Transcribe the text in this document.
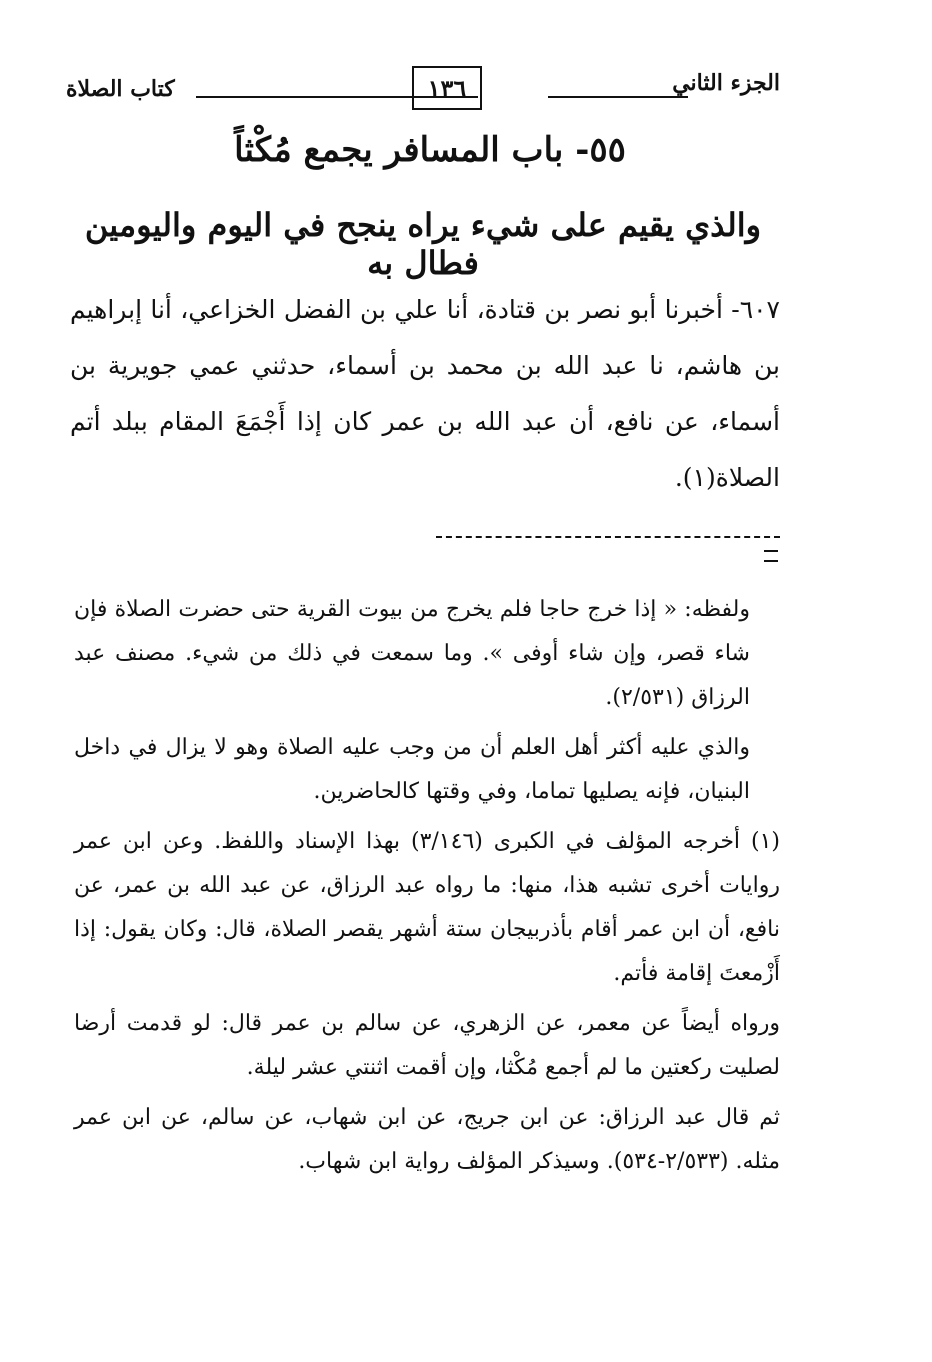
كتاب الصلاة	١٣٦	الجزء الثاني
٥٥- باب المسافر يجمع مُكْثاً
والذي يقيم على شيء يراه ينجح في اليوم واليومين فطال به

٦٠٧- أخبرنا أبو نصر بن قتادة، أنا علي بن الفضل الخزاعي، أنا إبراهيم بن هاشم، نا عبد الله بن محمد بن أسماء، حدثني عمي جويرية بن أسماء، عن نافع، أن عبد الله بن عمر كان إذا أَجْمَعَ المقام ببلد أتم الصلاة(١).

ولفظه: « إذا خرج حاجا فلم يخرج من بيوت القرية حتى حضرت الصلاة فإن شاء قصر، وإن شاء أوفى ». وما سمعت في ذلك من شيء. مصنف عبد الرزاق (٢/٥٣١).

والذي عليه أكثر أهل العلم أن من وجب عليه الصلاة وهو لا يزال في داخل البنيان، فإنه يصليها تماما، وفي وقتها كالحاضرين.

(١) أخرجه المؤلف في الكبرى (٣/١٤٦) بهذا الإسناد واللفظ. وعن ابن عمر روايات أخرى تشبه هذا، منها: ما رواه عبد الرزاق، عن عبد الله بن عمر، عن نافع، أن ابن عمر أقام بأذربيجان ستة أشهر يقصر الصلاة، قال: وكان يقول: إذا أَزْمعتَ إقامة فأتم.

ورواه أيضاً عن معمر، عن الزهري، عن سالم بن عمر قال: لو قدمت أرضا لصليت ركعتين ما لم أجمع مُكْثا، وإن أقمت اثنتي عشر ليلة.

ثم قال عبد الرزاق: عن ابن جريج، عن ابن شهاب، عن سالم، عن ابن عمر مثله. (٢/٥٣٣-٥٣٤). وسيذكر المؤلف رواية ابن شهاب.
